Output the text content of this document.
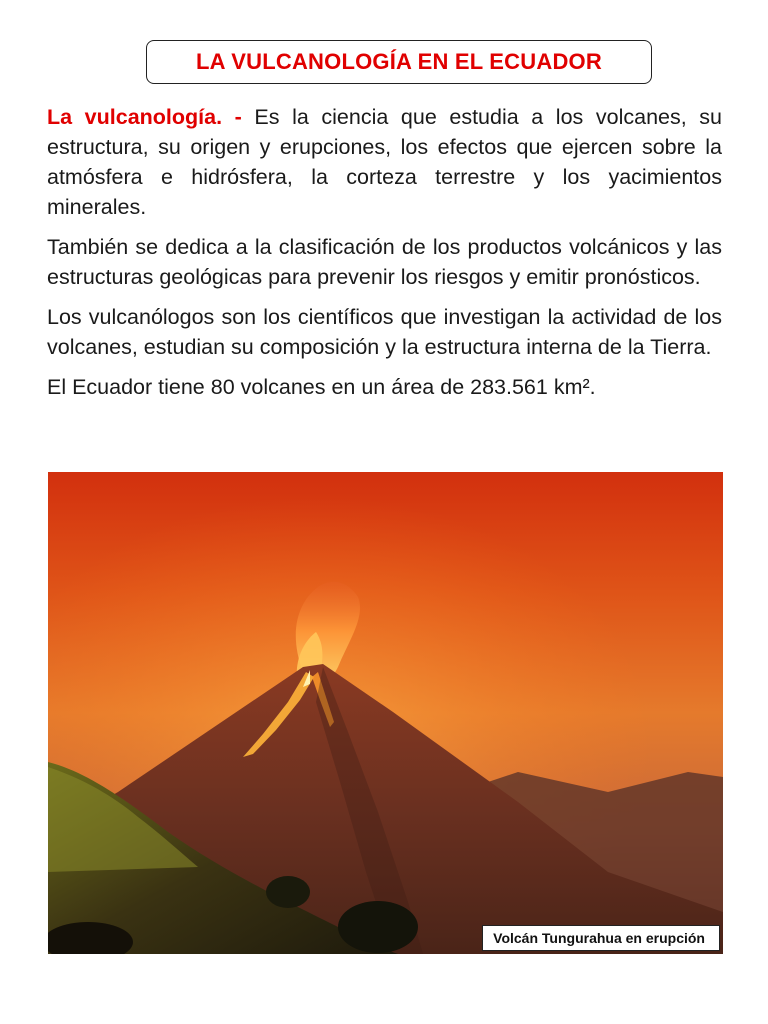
LA VULCANOLOGÍA EN EL ECUADOR

La vulcanología. - Es la ciencia que estudia a los volcanes, su estructura, su origen y erupciones, los efectos que ejercen sobre la atmósfera e hidrósfera, la corteza terrestre y los yacimientos minerales.

También se dedica a la clasificación de los productos volcánicos y las estructuras geológicas para prevenir los riesgos y emitir pronósticos.

Los vulcanólogos son los científicos que investigan la actividad de los volcanes, estudian su composición y la estructura interna de la Tierra.

El Ecuador tiene 80 volcanes en un área de 283.561 km².

Volcán Tungurahua en erupción
